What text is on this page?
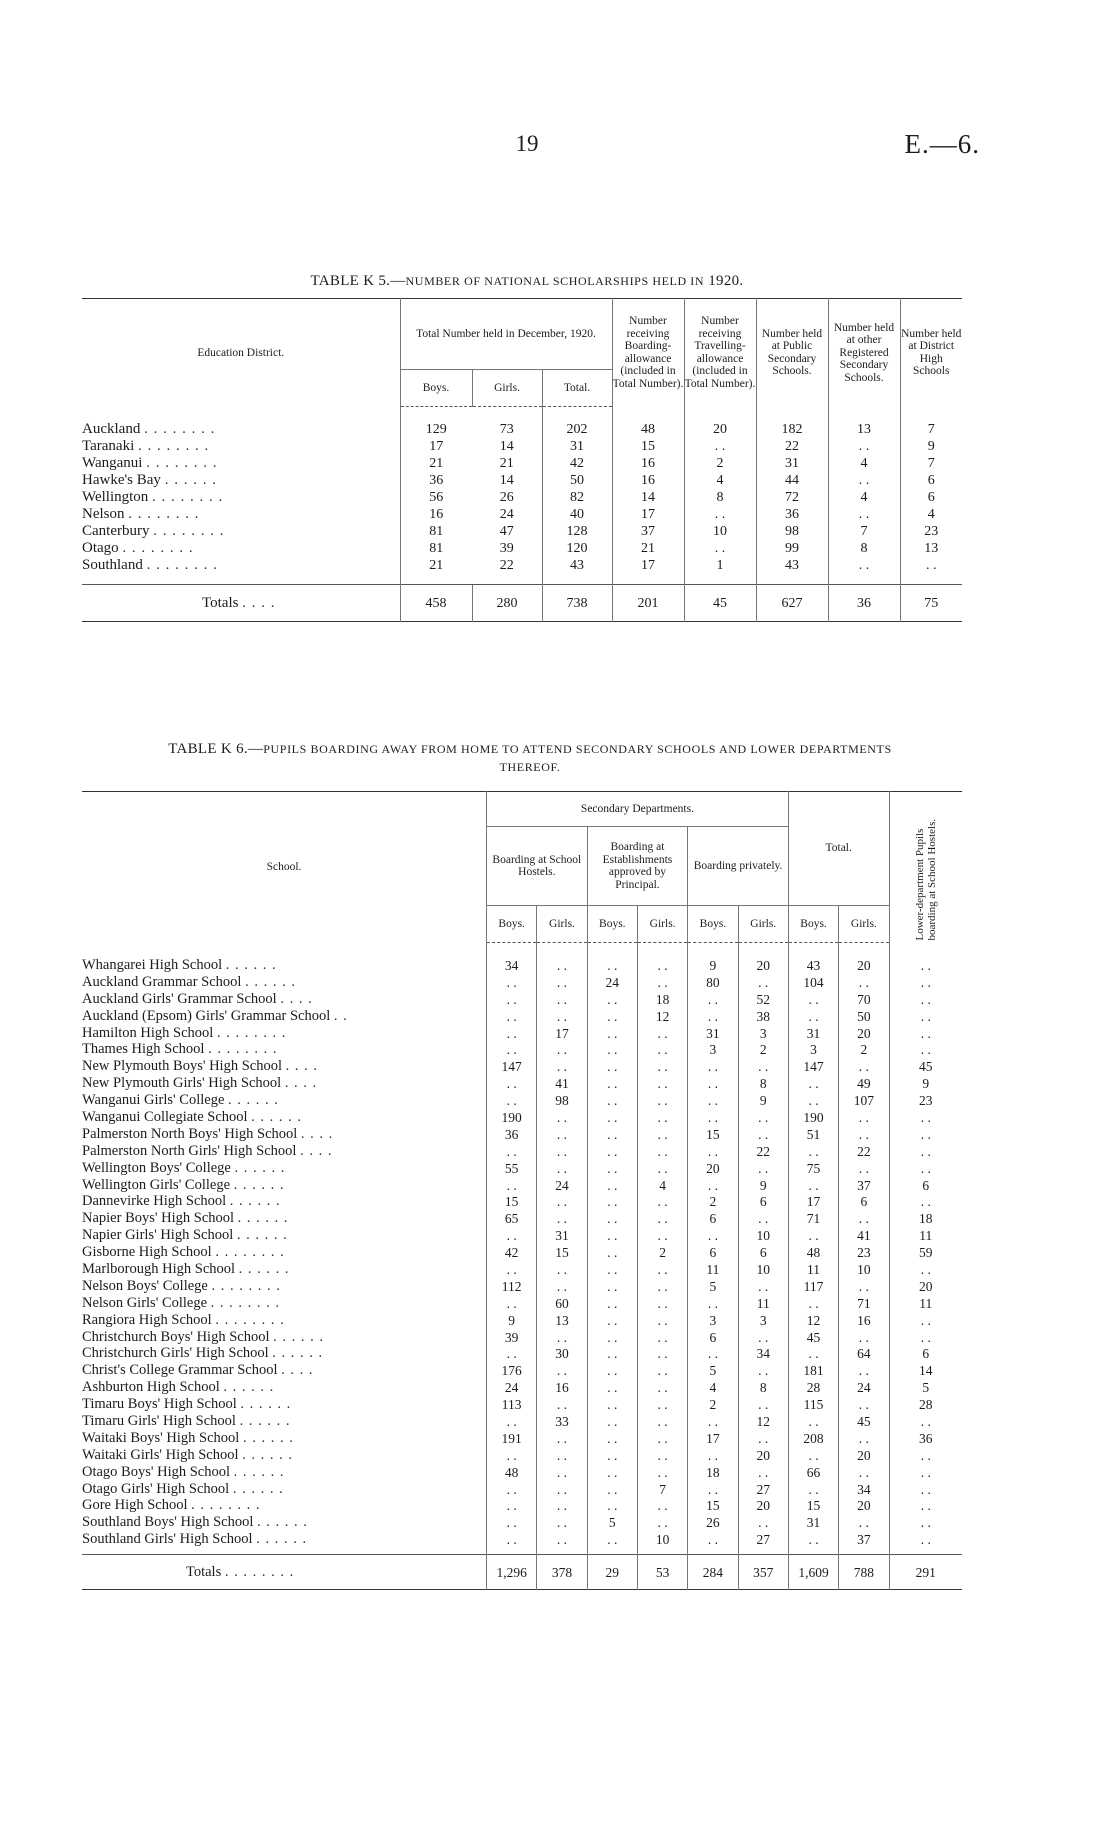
19	E.—6.
TABLE K 5.—NUMBER OF NATIONAL SCHOLARSHIPS HELD IN 1920.
Education District.	Total Number held in December, 1920.			Number receiving Boarding-allowance (included in Total Number).	Number receiving Travelling-allowance (included in Total Number).	Number held at Public Secondary Schools.	Number held at other Registered Secondary Schools.	Number held at District High Schools
	Boys.	Girls.	Total.					
Auckland . . . . . . . .	129	73	202	48	20	182	13	7
Taranaki . . . . . . . .	17	14	31	15	. .	22	. .	9
Wanganui . . . . . . . .	21	21	42	16	2	31	4	7
Hawke's Bay . . . . . .	36	14	50	16	4	44	. .	6
Wellington . . . . . . . .	56	26	82	14	8	72	4	6
Nelson . . . . . . . .	16	24	40	17	. .	36	. .	4
Canterbury . . . . . . . .	81	47	128	37	10	98	7	23
Otago . . . . . . . .	81	39	120	21	. .	99	8	13
Southland . . . . . . . .	21	22	43	17	1	43	. .	. .
Totals . . . .	458	280	738	201	45	627	36	75
TABLE K 6.—PUPILS BOARDING AWAY FROM HOME TO ATTEND SECONDARY SCHOOLS AND LOWER DEPARTMENTS
THEREOF.
School.	Secondary Departments.						Total.		Lower-department Pupils boarding at School Hostels.
	Boarding at School Hostels.		Boarding at Establishments approved by Principal.		Boarding privately.				
	Boys.	Girls.	Boys.	Girls.	Boys.	Girls.	Boys.	Girls.	
Whangarei High School . . . . . .	34	. .	. .	. .	9	20	43	20	. .
Auckland Grammar School . . . . . .	. .	. .	24	. .	80	. .	104	. .	. .
Auckland Girls' Grammar School . . . .	. .	. .	. .	18	. .	52	. .	70	. .
Auckland (Epsom) Girls' Grammar School . .	. .	. .	. .	12	. .	38	. .	50	. .
Hamilton High School . . . . . . . .	. .	17	. .	. .	31	3	31	20	. .
Thames High School . . . . . . . .	. .	. .	. .	. .	3	2	3	2	. .
New Plymouth Boys' High School . . . .	147	. .	. .	. .	. .	. .	147	. .	45
New Plymouth Girls' High School . . . .	. .	41	. .	. .	. .	8	. .	49	9
Wanganui Girls' College . . . . . .	. .	98	. .	. .	. .	9	. .	107	23
Wanganui Collegiate School . . . . . .	190	. .	. .	. .	. .	. .	190	. .	. .
Palmerston North Boys' High School . . . .	36	. .	. .	. .	15	. .	51	. .	. .
Palmerston North Girls' High School . . . .	. .	. .	. .	. .	. .	22	. .	22	. .
Wellington Boys' College . . . . . .	55	. .	. .	. .	20	. .	75	. .	. .
Wellington Girls' College . . . . . .	. .	24	. .	4	. .	9	. .	37	6
Dannevirke High School . . . . . .	15	. .	. .	. .	2	6	17	6	. .
Napier Boys' High School . . . . . .	65	. .	. .	. .	6	. .	71	. .	18
Napier Girls' High School . . . . . .	. .	31	. .	. .	. .	10	. .	41	11
Gisborne High School . . . . . . . .	42	15	. .	2	6	6	48	23	59
Marlborough High School . . . . . .	. .	. .	. .	. .	11	10	11	10	. .
Nelson Boys' College . . . . . . . .	112	. .	. .	. .	5	. .	117	. .	20
Nelson Girls' College . . . . . . . .	. .	60	. .	. .	. .	11	. .	71	11
Rangiora High School . . . . . . . .	9	13	. .	. .	3	3	12	16	. .
Christchurch Boys' High School . . . . . .	39	. .	. .	. .	6	. .	45	. .	. .
Christchurch Girls' High School . . . . . .	. .	30	. .	. .	. .	34	. .	64	6
Christ's College Grammar School . . . .	176	. .	. .	. .	5	. .	181	. .	14
Ashburton High School . . . . . .	24	16	. .	. .	4	8	28	24	5
Timaru Boys' High School . . . . . .	113	. .	. .	. .	2	. .	115	. .	28
Timaru Girls' High School . . . . . .	. .	33	. .	. .	. .	12	. .	45	. .
Waitaki Boys' High School . . . . . .	191	. .	. .	. .	17	. .	208	. .	36
Waitaki Girls' High School . . . . . .	. .	. .	. .	. .	. .	20	. .	20	. .
Otago Boys' High School . . . . . .	48	. .	. .	. .	18	. .	66	. .	. .
Otago Girls' High School . . . . . .	. .	. .	. .	7	. .	27	. .	34	. .
Gore High School . . . . . . . .	. .	. .	. .	. .	15	20	15	20	. .
Southland Boys' High School . . . . . .	. .	. .	5	. .	26	. .	31	. .	. .
Southland Girls' High School . . . . . .	. .	. .	. .	10	. .	27	. .	37	. .
Totals . . . . . . . .	1,296	378	29	53	284	357	1,609	788	291
